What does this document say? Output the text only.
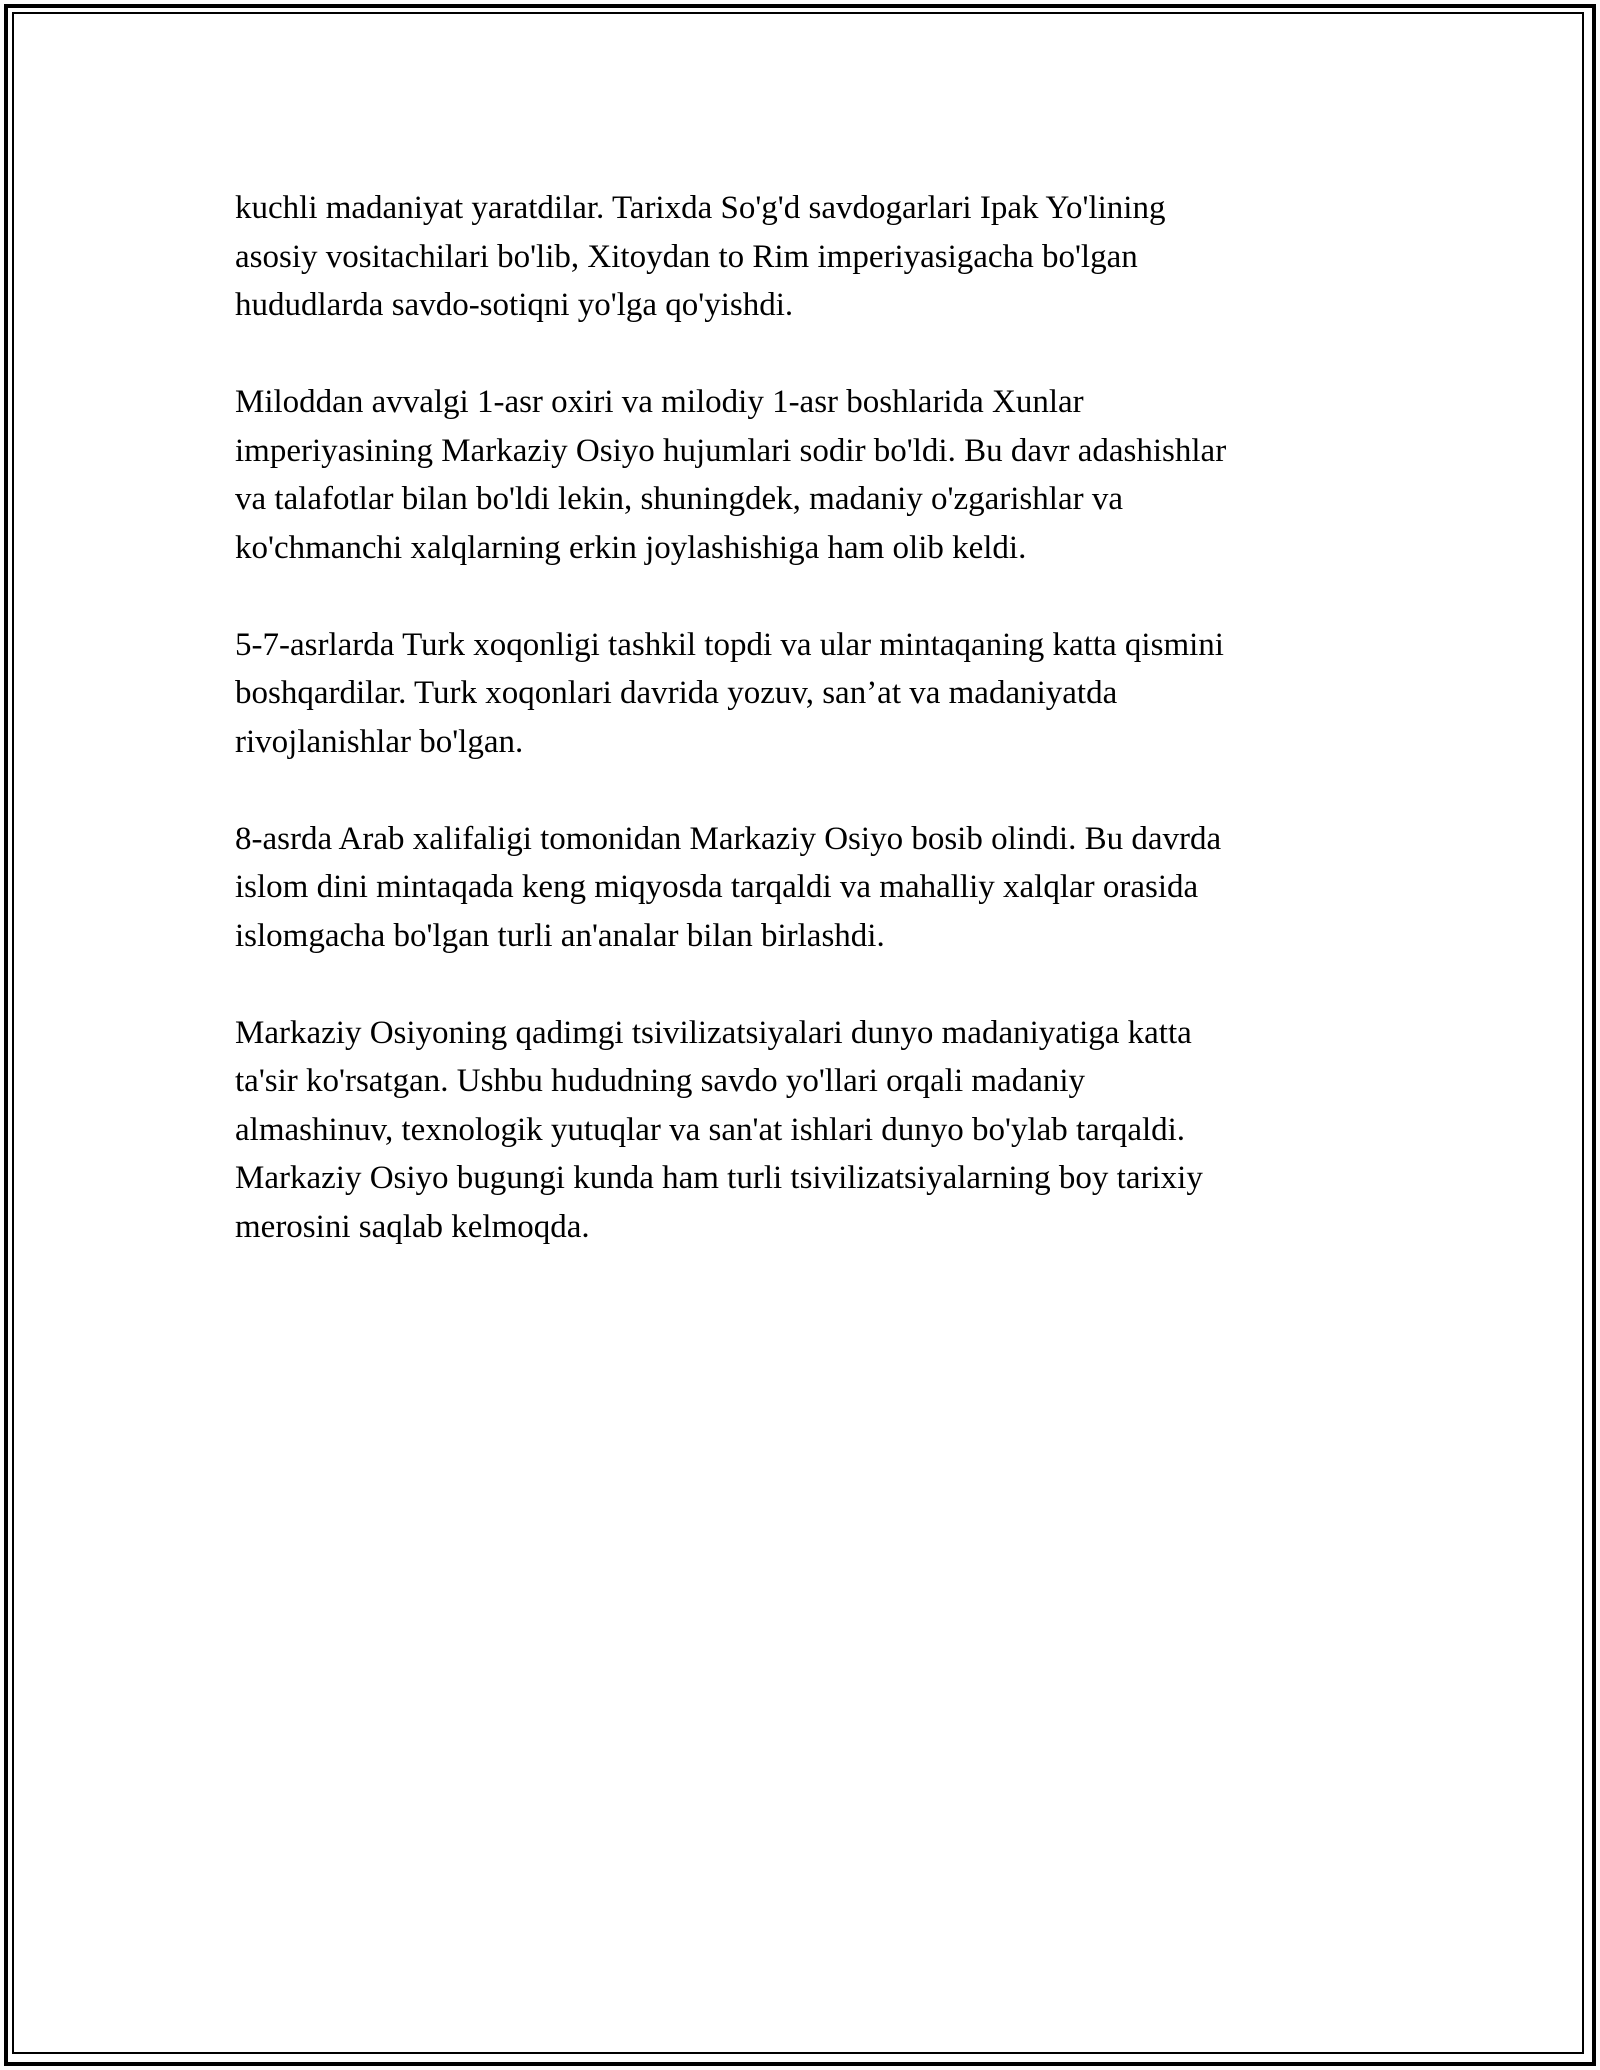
kuchli madaniyat yaratdilar. Tarixda So'g'd savdogarlari Ipak Yo'lining
asosiy vositachilari bo'lib, Xitoydan to Rim imperiyasigacha bo'lgan
hududlarda savdo-sotiqni yo'lga qo'yishdi.

Miloddan avvalgi 1-asr oxiri va milodiy 1-asr boshlarida Xunlar
imperiyasining Markaziy Osiyo hujumlari sodir bo'ldi. Bu davr adashishlar
va talafotlar bilan bo'ldi lekin, shuningdek, madaniy o'zgarishlar va
ko'chmanchi xalqlarning erkin joylashishiga ham olib keldi.

5-7-asrlarda Turk xoqonligi tashkil topdi va ular mintaqaning katta qismini
boshqardilar. Turk xoqonlari davrida yozuv, san’at va madaniyatda
rivojlanishlar bo'lgan.

8-asrda Arab xalifaligi tomonidan Markaziy Osiyo bosib olindi. Bu davrda
islom dini mintaqada keng miqyosda tarqaldi va mahalliy xalqlar orasida
islomgacha bo'lgan turli an'analar bilan birlashdi.

Markaziy Osiyoning qadimgi tsivilizatsiyalari dunyo madaniyatiga katta
ta'sir ko'rsatgan. Ushbu hududning savdo yo'llari orqali madaniy
almashinuv, texnologik yutuqlar va san'at ishlari dunyo bo'ylab tarqaldi.
Markaziy Osiyo bugungi kunda ham turli tsivilizatsiyalarning boy tarixiy
merosini saqlab kelmoqda.
